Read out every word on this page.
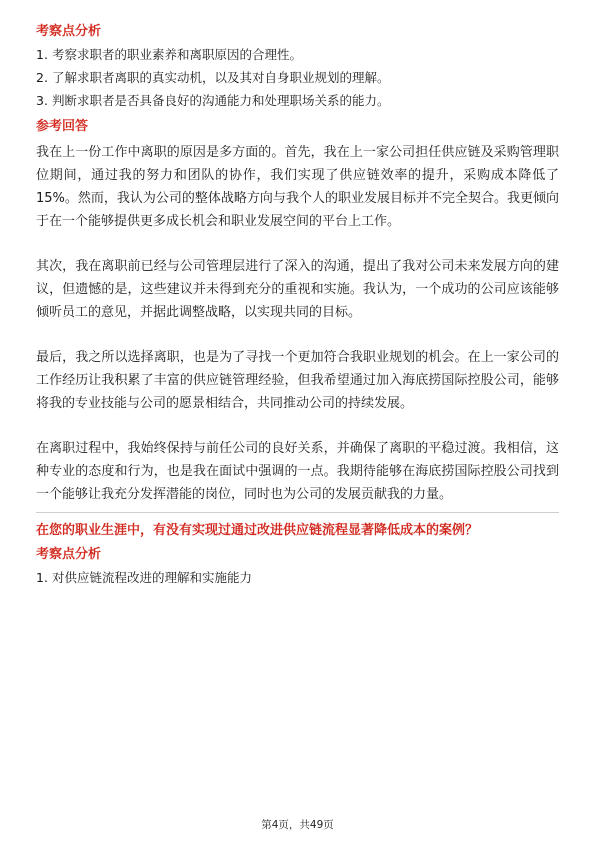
考察点分析
1. 考察求职者的职业素养和离职原因的合理性。
2. 了解求职者离职的真实动机，以及其对自身职业规划的理解。
3. 判断求职者是否具备良好的沟通能力和处理职场关系的能力。
参考回答

我在上一份工作中离职的原因是多方面的。首先，我在上一家公司担任供应链及采购管理职位期间，通过我的努力和团队的协作，我们实现了供应链效率的提升，采购成本降低了15%。然而，我认为公司的整体战略方向与我个人的职业发展目标并不完全契合。我更倾向于在一个能够提供更多成长机会和职业发展空间的平台上工作。

其次，我在离职前已经与公司管理层进行了深入的沟通，提出了我对公司未来发展方向的建议，但遗憾的是，这些建议并未得到充分的重视和实施。我认为，一个成功的公司应该能够倾听员工的意见，并据此调整战略，以实现共同的目标。

最后，我之所以选择离职，也是为了寻找一个更加符合我职业规划的机会。在上一家公司的工作经历让我积累了丰富的供应链管理经验，但我希望通过加入海底捞国际控股公司，能够将我的专业技能与公司的愿景相结合，共同推动公司的持续发展。

在离职过程中，我始终保持与前任公司的良好关系，并确保了离职的平稳过渡。我相信，这种专业的态度和行为，也是我在面试中强调的一点。我期待能够在海底捞国际控股公司找到一个能够让我充分发挥潜能的岗位，同时也为公司的发展贡献我的力量。

在您的职业生涯中，有没有实现过通过改进供应链流程显著降低成本的案例？
考察点分析
1. 对供应链流程改进的理解和实施能力
第4页，共49页
